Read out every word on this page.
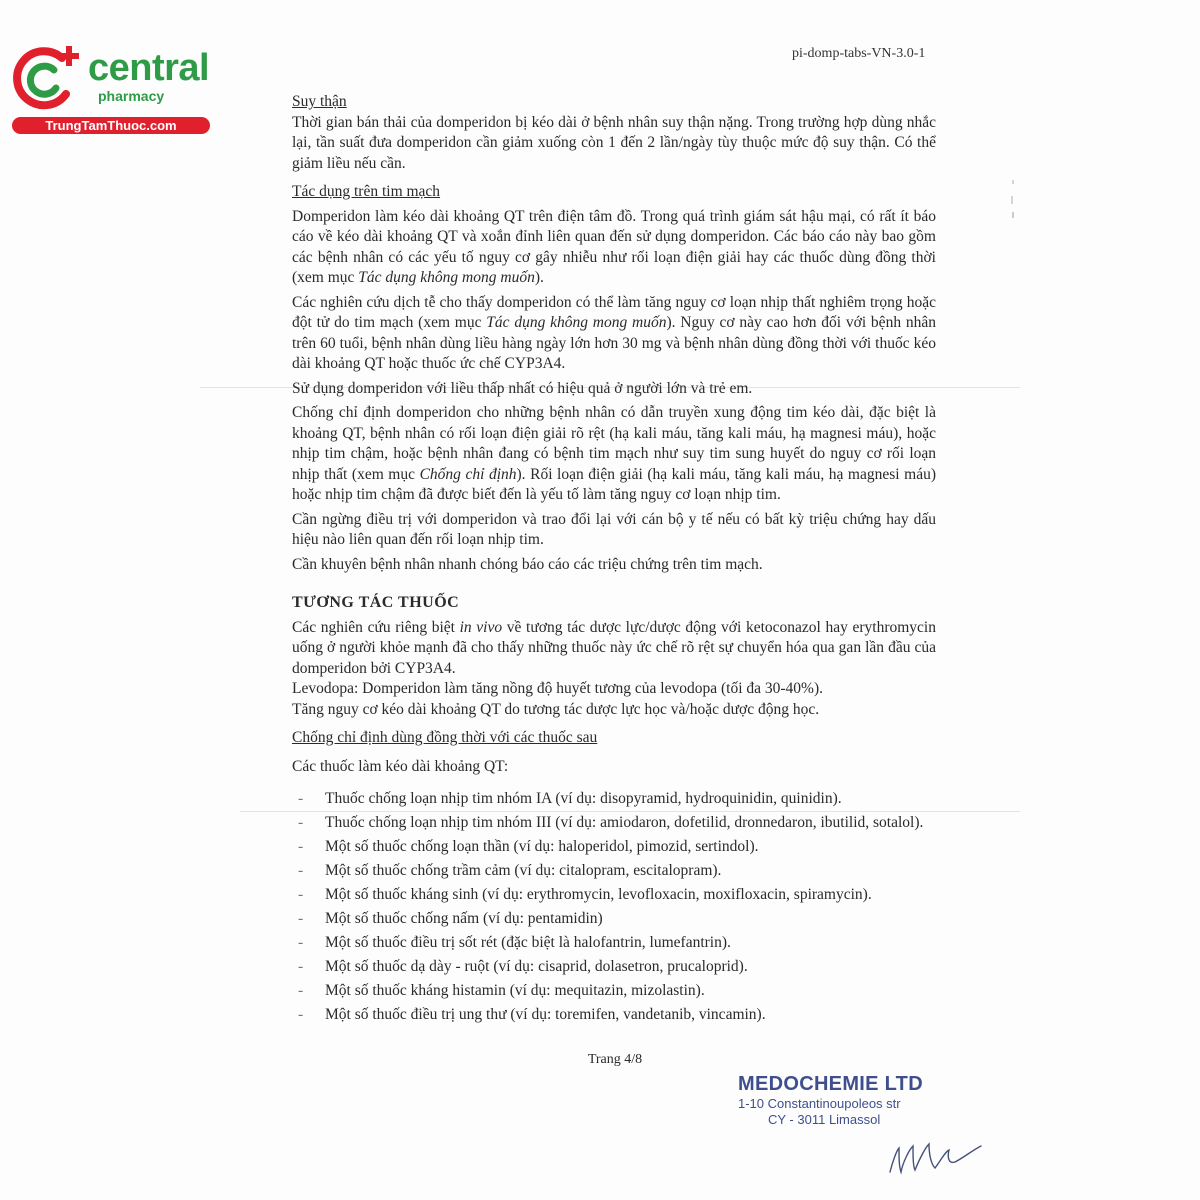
central
pharmacy
TrungTamThuoc.com
pi-domp-tabs-VN-3.0-1

Suy thận

Thời gian bán thải của domperidon bị kéo dài ở bệnh nhân suy thận nặng. Trong trường hợp dùng nhắc lại, tần suất đưa domperidon cần giảm xuống còn 1 đến 2 lần/ngày tùy thuộc mức độ suy thận. Có thể giảm liều nếu cần.

Tác dụng trên tim mạch

Domperidon làm kéo dài khoảng QT trên điện tâm đồ. Trong quá trình giám sát hậu mại, có rất ít báo cáo về kéo dài khoảng QT và xoắn đỉnh liên quan đến sử dụng domperidon. Các báo cáo này bao gồm các bệnh nhân có các yếu tố nguy cơ gây nhiễu như rối loạn điện giải hay các thuốc dùng đồng thời (xem mục Tác dụng không mong muốn).

Các nghiên cứu dịch tễ cho thấy domperidon có thể làm tăng nguy cơ loạn nhịp thất nghiêm trọng hoặc đột tử do tim mạch (xem mục Tác dụng không mong muốn). Nguy cơ này cao hơn đối với bệnh nhân trên 60 tuổi, bệnh nhân dùng liều hàng ngày lớn hơn 30 mg và bệnh nhân dùng đồng thời với thuốc kéo dài khoảng QT hoặc thuốc ức chế CYP3A4.

Sử dụng domperidon với liều thấp nhất có hiệu quả ở người lớn và trẻ em.

Chống chỉ định domperidon cho những bệnh nhân có dẫn truyền xung động tim kéo dài, đặc biệt là khoảng QT, bệnh nhân có rối loạn điện giải rõ rệt (hạ kali máu, tăng kali máu, hạ magnesi máu), hoặc nhịp tim chậm, hoặc bệnh nhân đang có bệnh tim mạch như suy tim sung huyết do nguy cơ rối loạn nhịp thất (xem mục Chống chỉ định). Rối loạn điện giải (hạ kali máu, tăng kali máu, hạ magnesi máu) hoặc nhịp tim chậm đã được biết đến là yếu tố làm tăng nguy cơ loạn nhịp tim.

Cần ngừng điều trị với domperidon và trao đổi lại với cán bộ y tế nếu có bất kỳ triệu chứng hay dấu hiệu nào liên quan đến rối loạn nhịp tim.

Cần khuyên bệnh nhân nhanh chóng báo cáo các triệu chứng trên tim mạch.

TƯƠNG TÁC THUỐC

Các nghiên cứu riêng biệt in vivo về tương tác dược lực/dược động với ketoconazol hay erythromycin uống ở người khỏe mạnh đã cho thấy những thuốc này ức chế rõ rệt sự chuyển hóa qua gan lần đầu của domperidon bởi CYP3A4.

Levodopa: Domperidon làm tăng nồng độ huyết tương của levodopa (tối đa 30-40%).

Tăng nguy cơ kéo dài khoảng QT do tương tác dược lực học và/hoặc dược động học.

Chống chỉ định dùng đồng thời với các thuốc sau

Các thuốc làm kéo dài khoảng QT:

- Thuốc chống loạn nhịp tim nhóm IA (ví dụ: disopyramid, hydroquinidin, quinidin).
- Thuốc chống loạn nhịp tim nhóm III (ví dụ: amiodaron, dofetilid, dronnedaron, ibutilid, sotalol).
- Một số thuốc chống loạn thần (ví dụ: haloperidol, pimozid, sertindol).
- Một số thuốc chống trầm cảm (ví dụ: citalopram, escitalopram).
- Một số thuốc kháng sinh (ví dụ: erythromycin, levofloxacin, moxifloxacin, spiramycin).
- Một số thuốc chống nấm (ví dụ: pentamidin)
- Một số thuốc điều trị sốt rét (đặc biệt là halofantrin, lumefantrin).
- Một số thuốc dạ dày - ruột (ví dụ: cisaprid, dolasetron, prucaloprid).
- Một số thuốc kháng histamin (ví dụ: mequitazin, mizolastin).
- Một số thuốc điều trị ung thư (ví dụ: toremifen, vandetanib, vincamin).
Trang 4/8
MEDOCHEMIE LTD
1-10 Constantinoupoleos str
CY - 3011 Limassol
